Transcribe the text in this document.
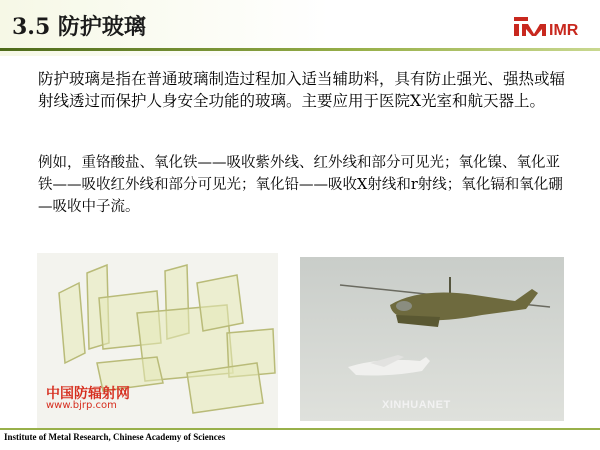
3.5 防护玻璃	IMR
防护玻璃是指在普通玻璃制造过程加入适当辅助料，具有防止强光、强热或辐射线透过而保护人身安全功能的玻璃。主要应用于医院X光室和航天器上。
例如，重铬酸盐、氧化铁——吸收紫外线、红外线和部分可见光；氧化镍、氧化亚铁——吸收红外线和部分可见光；氧化铅——吸收X射线和r射线；氧化镉和氧化硼—吸收中子流。
中国防辐射网
www.bjrp.com	XINHUANET
Institute of Metal Research, Chinese Academy of Sciences
